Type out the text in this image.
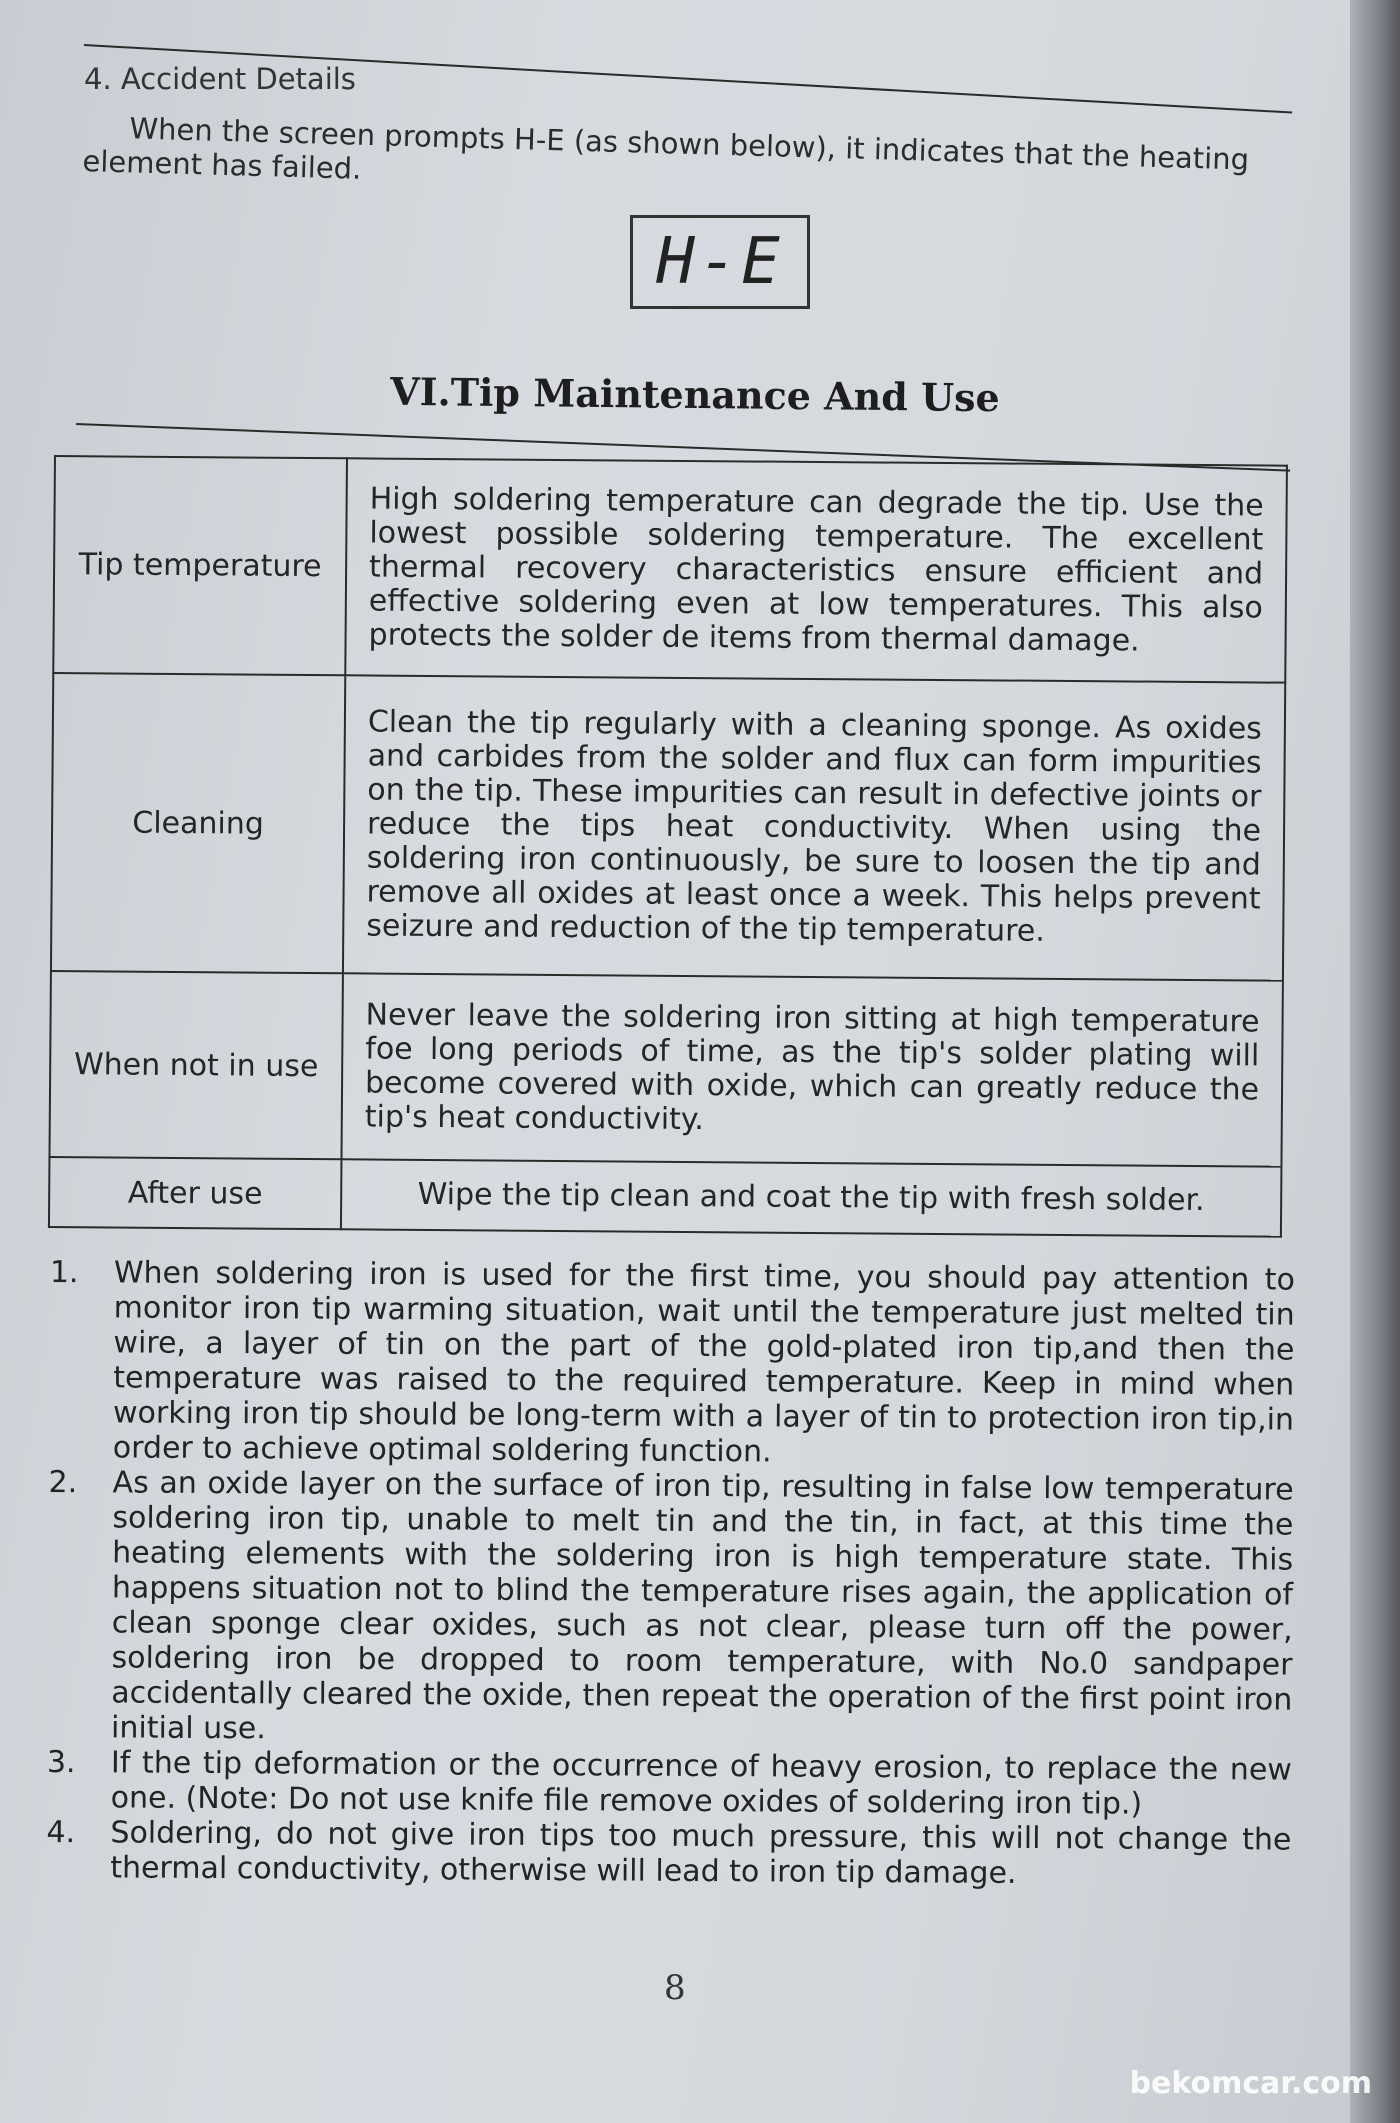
4. Accident Details

When the screen prompts H-E (as shown below), it indicates that the heating element has failed.

H-E
VI.Tip Maintenance And Use
Tip temperature	High soldering temperature can degrade the tip. Use the lowest possible soldering temperature. The excellent thermal recovery characteristics ensure efficient and effective soldering even at low temperatures. This also protects the solder de items from thermal damage.
Cleaning	Clean the tip regularly with a cleaning sponge. As oxides and carbides from the solder and flux can form impurities on the tip. These impurities can result in defective joints or reduce the tips heat conductivity. When using the soldering iron continuously, be sure to loosen the tip and remove all oxides at least once a week. This helps prevent seizure and reduction of the tip temperature.
When not in use	Never leave the soldering iron sitting at high temperature foe long periods of time, as the tip's solder plating will become covered with oxide, which can greatly reduce the tip's heat conductivity.
After use	Wipe the tip clean and coat the tip with fresh solder.
1.	When soldering iron is used for the first time, you should pay attention to monitor iron tip warming situation, wait until the temperature just melted tin wire, a layer of tin on the part of the gold-plated iron tip,and then the temperature was raised to the required temperature. Keep in mind when working iron tip should be long-term with a layer of tin to protection iron tip,in order to achieve optimal soldering function.
2.	As an oxide layer on the surface of iron tip, resulting in false low temperature soldering iron tip, unable to melt tin and the tin, in fact, at this time the heating elements with the soldering iron is high temperature state. This happens situation not to blind the temperature rises again, the application of clean sponge clear oxides, such as not clear, please turn off the power, soldering iron be dropped to room temperature, with No.0 sandpaper accidentally cleared the oxide, then repeat the operation of the first point iron initial use.
3.	If the tip deformation or the occurrence of heavy erosion, to replace the new one. (Note: Do not use knife file remove oxides of soldering iron tip.)
4.	Soldering, do not give iron tips too much pressure, this will not change the thermal conductivity, otherwise will lead to iron tip damage.
8
bekomcar.com
